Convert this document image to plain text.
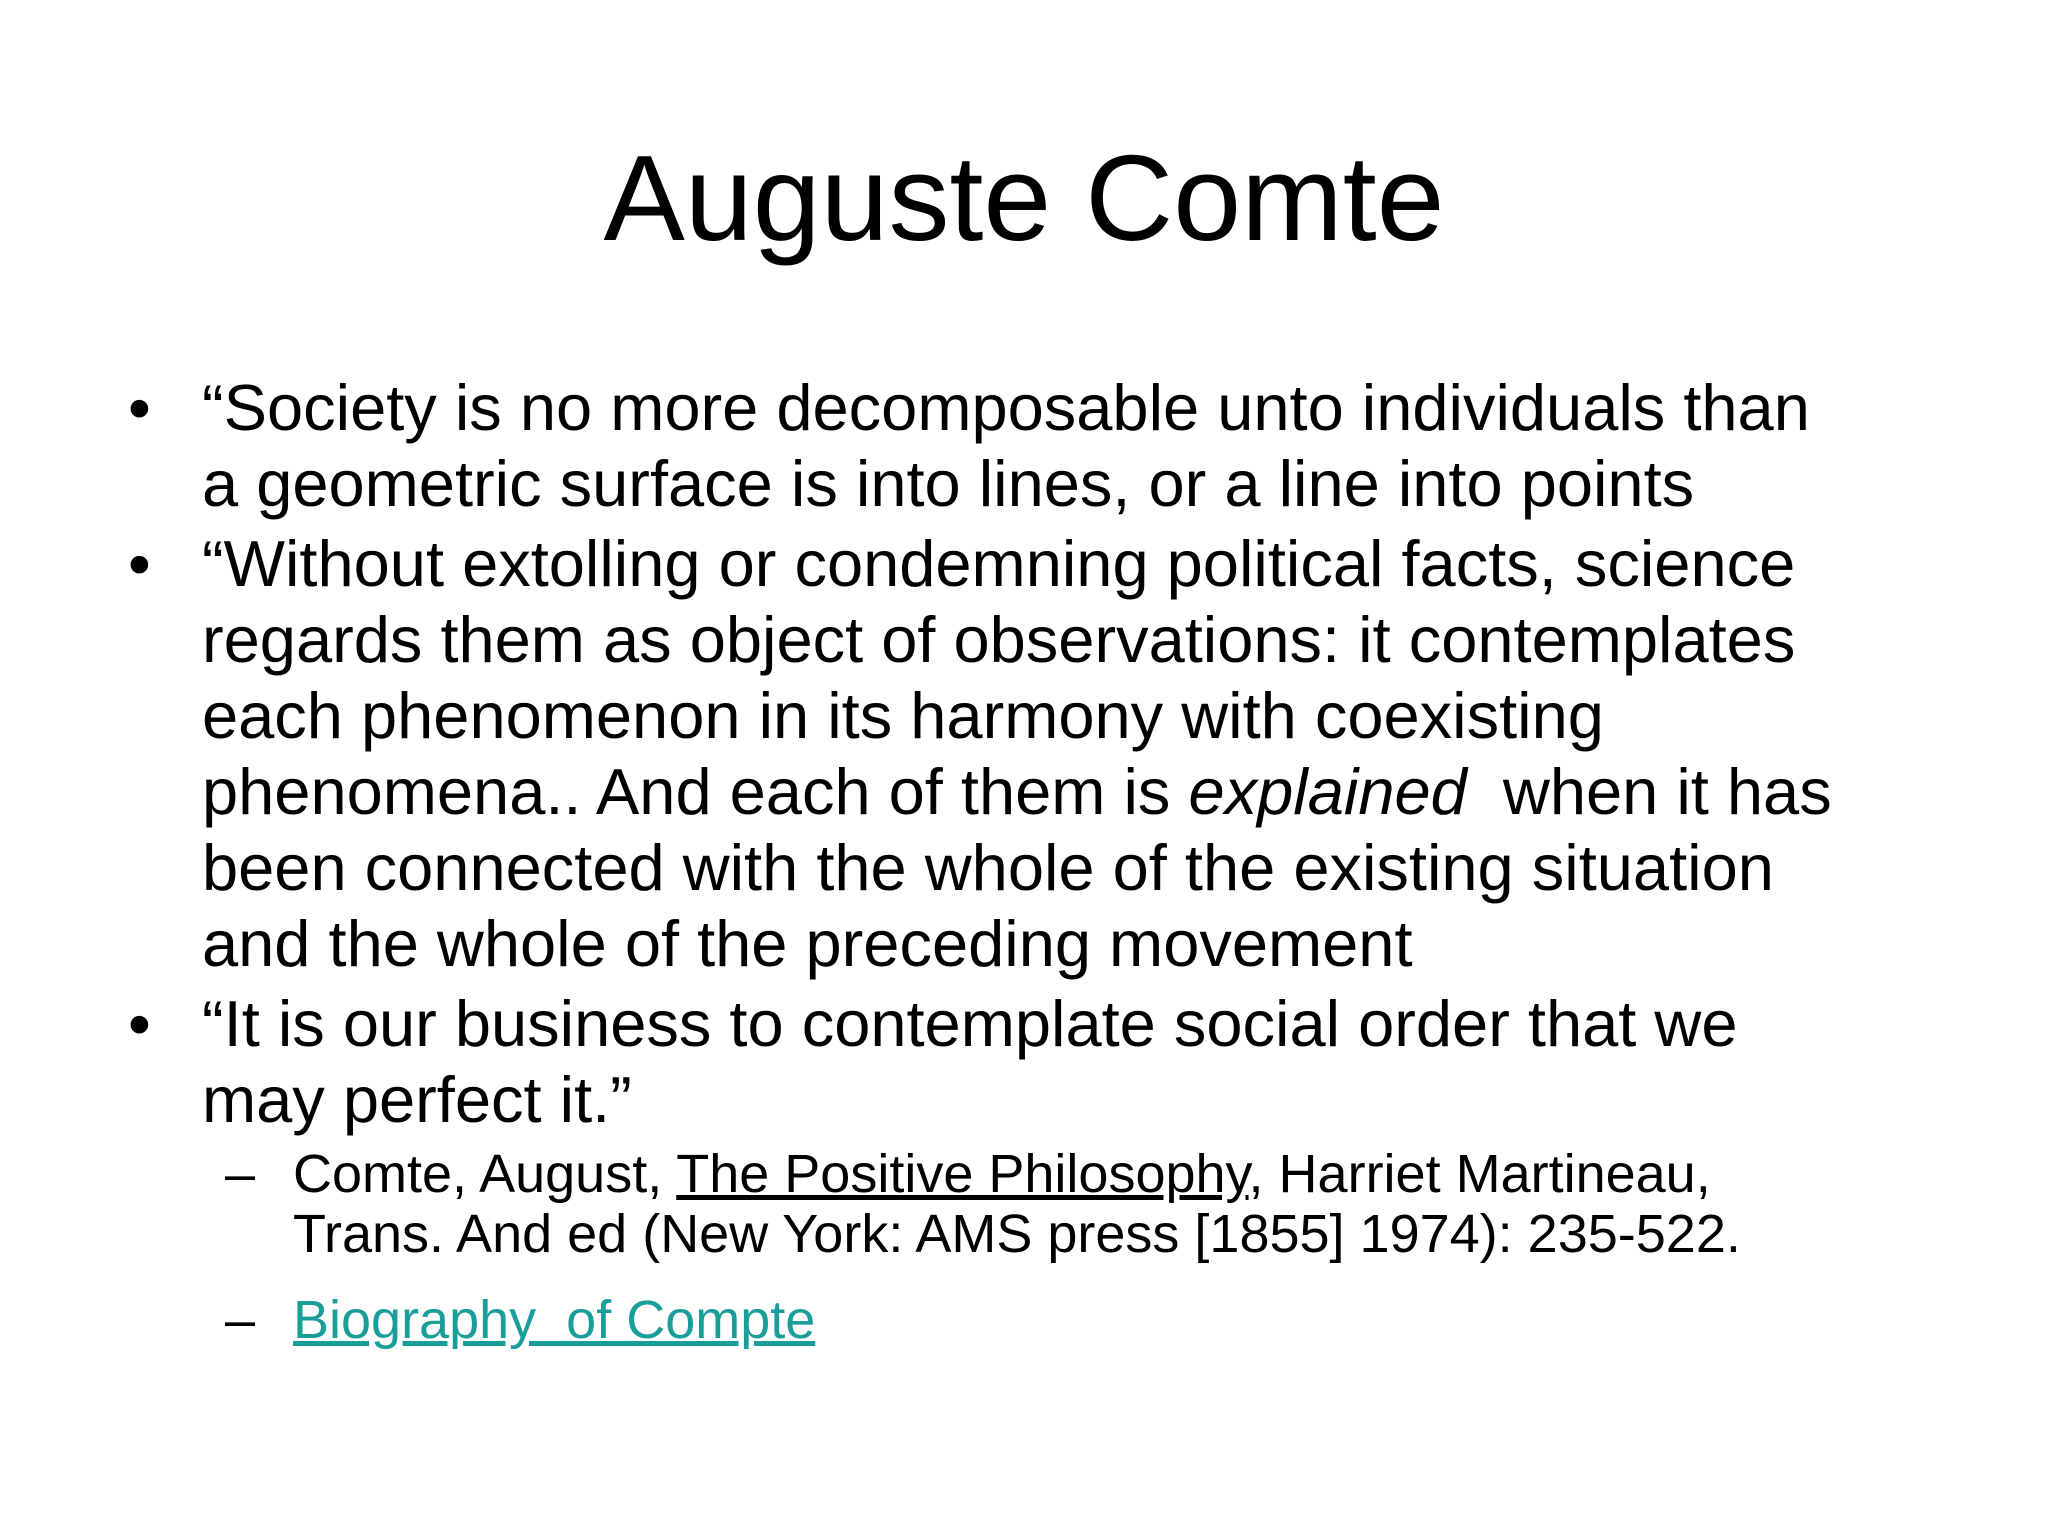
Auguste Comte
• “Society is no more decomposable unto individuals than
a geometric surface is into lines, or a line into points
• “Without extolling or condemning political facts, science
regards them as object of observations: it contemplates
each phenomenon in its harmony with coexisting
phenomena.. And each of them is explained  when it has
been connected with the whole of the existing situation
and the whole of the preceding movement
• “It is our business to contemplate social order that we
may perfect it.”
– Comte, August, The Positive Philosophy, Harriet Martineau,
Trans. And ed (New York: AMS press [1855] 1974): 235-522.
– Biography  of Compte
